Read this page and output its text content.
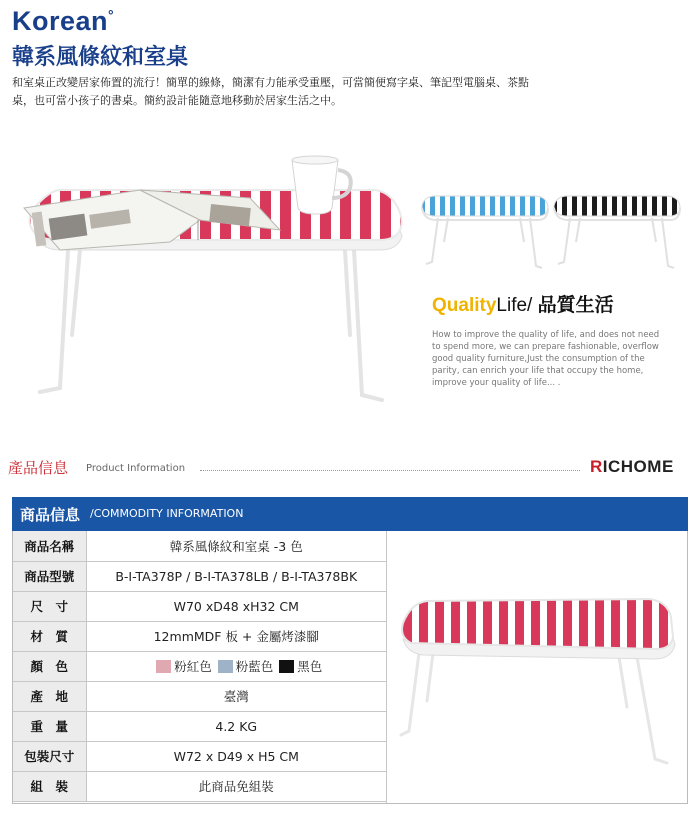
Korean°
韓系風條紋和室桌
和室桌正改變居家佈置的流行！簡單的線條，簡潔有力能承受重壓，可當簡便寫字桌、筆記型電腦桌、茶點桌，也可當小孩子的書桌。簡約設計能隨意地移動於居家生活之中。
QualityLife/ 品質生活
How to improve the quality of life, and does not need to spend more, we can prepare fashionable, overflow good quality furniture,Just the consumption of the parity, can enrich your life that occupy the home, improve your quality of life... .
產品信息 Product Information	RICHOME
商品信息 /COMMODITY INFORMATION
商品名稱	韓系風條紋和室桌 -3 色
商品型號	B-I-TA378P / B-I-TA378LB / B-I-TA378BK
尺　寸	W70 xD48 xH32 CM
材　質	12mmMDF 板 + 金屬烤漆腳
顏　色	粉紅色 粉藍色 黑色
產　地	臺灣
重　量	4.2 KG
包裝尺寸	W72 x D49 x H5 CM
組　裝	此商品免組裝
